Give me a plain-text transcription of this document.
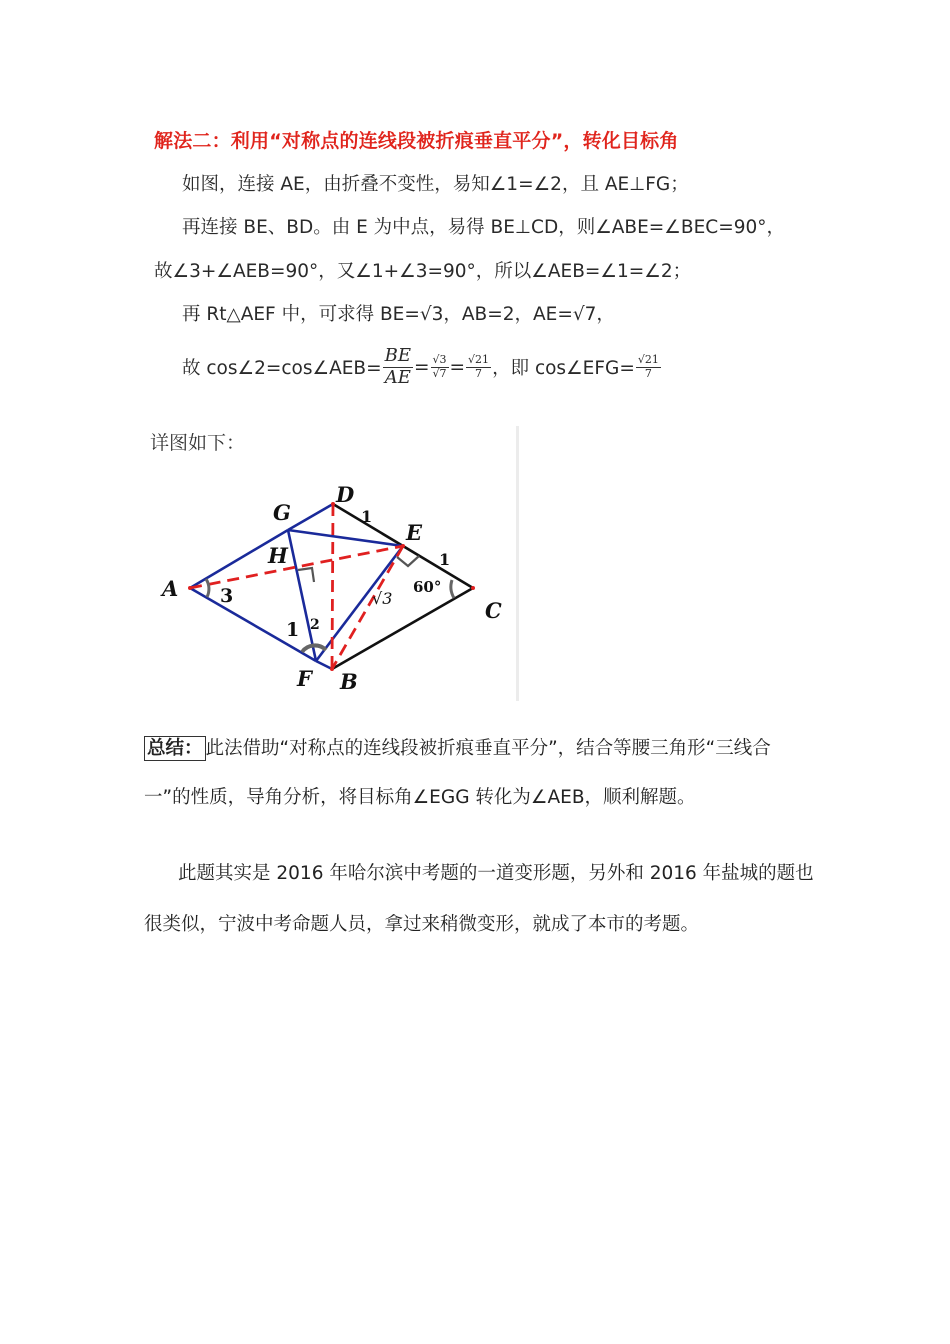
解法二：利用“对称点的连线段被折痕垂直平分”，转化目标角
如图，连接 AE，由折叠不变性，易知∠1=∠2，且 AE⊥FG；
再连接 BE、BD。由 E 为中点，易得 BE⊥CD，则∠ABE=∠BEC=90°，
故∠3+∠AEB=90°，又∠1+∠3=90°，所以∠AEB=∠1=∠2；
再 Rt△AEF 中，可求得 BE=√3，AB=2，AE=√7，
故 cos∠2=cos∠AEB= $\frac{BE}{AE} = \frac{√3}{√7} = \frac{√21}{7}$ ，即 cos∠EFG= $\frac{√21}{7}$
详图如下：
A
D
G
E
H
C
F B
1
1
3
1 2
√3
60°
总结： 此法借助“对称点的连线段被折痕垂直平分”，结合等腰三角形“三线合一”的性质，导角分析，将目标角∠EGG 转化为∠AEB，顺利解题。
此题其实是 2016 年哈尔滨中考题的一道变形题，另外和 2016 年盐城的题也很类似，宁波中考命题人员，拿过来稍微变形，就成了本市的考题。
